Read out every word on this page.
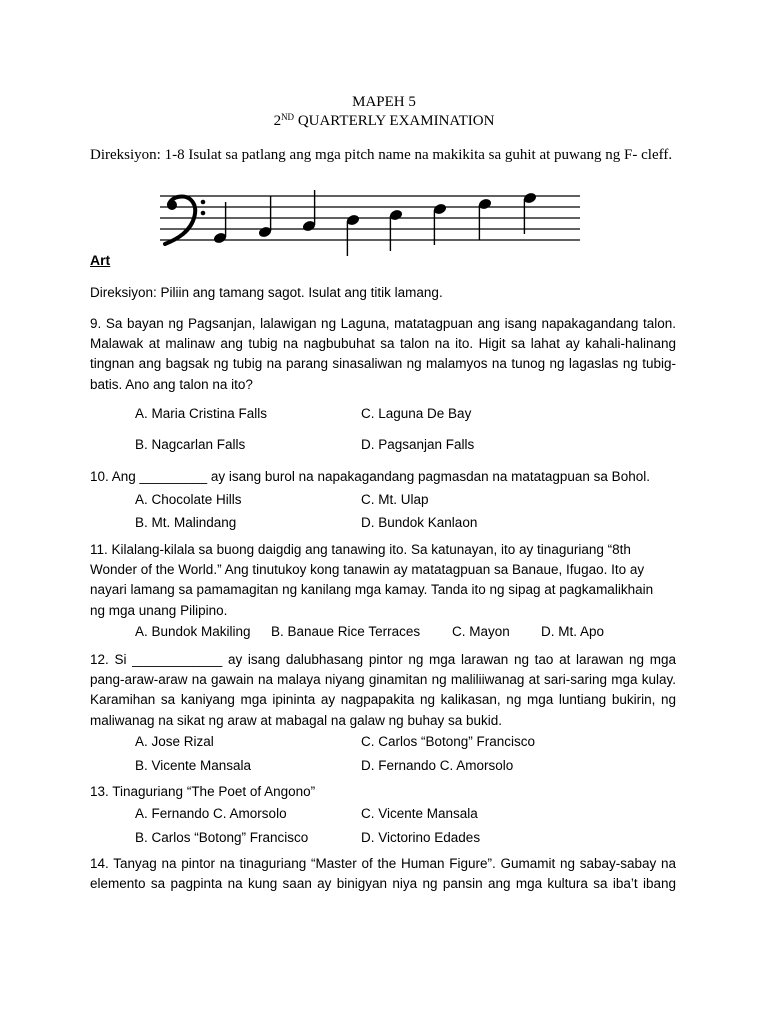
MAPEH 5
2ND QUARTERLY EXAMINATION
Direksiyon: 1-8 Isulat sa patlang ang mga pitch name na makikita sa guhit at puwang ng F- cleff.
Art
Direksiyon: Piliin ang tamang sagot. Isulat ang titik lamang.
9. Sa bayan ng Pagsanjan, lalawigan ng Laguna, matatagpuan ang isang napakagandang talon. Malawak at malinaw ang tubig na nagbubuhat sa talon na ito. Higit sa lahat ay kahali-halinang tingnan ang bagsak ng tubig na parang sinasaliwan ng malamyos na tunog ng lagaslas ng tubig-batis. Ano ang talon na ito?
A. Maria Cristina Falls	C. Laguna De Bay
B. Nagcarlan Falls	D. Pagsanjan Falls
10. Ang _________ ay isang burol na napakagandang pagmasdan na matatagpuan sa Bohol.
A. Chocolate Hills	C. Mt. Ulap
B. Mt. Malindang	D. Bundok Kanlaon
11. Kilalang-kilala sa buong daigdig ang tanawing ito. Sa katunayan, ito ay tinaguriang “8th Wonder of the World.” Ang tinutukoy kong tanawin ay matatagpuan sa Banaue, Ifugao. Ito ay nayari lamang sa pamamagitan ng kanilang mga kamay. Tanda ito ng sipag at pagkamalikhain ng mga unang Pilipino.
A. Bundok Makiling B. Banaue Rice Terraces C. Mayon D. Mt. Apo
12. Si ____________ ay isang dalubhasang pintor ng mga larawan ng tao at larawan ng mga pang-araw-araw na gawain na malaya niyang ginamitan ng maliliiwanag at sari-saring mga kulay. Karamihan sa kaniyang mga ipininta ay nagpapakita ng kalikasan, ng mga luntiang bukirin, ng maliwanag na sikat ng araw at mabagal na galaw ng buhay sa bukid.
A. Jose Rizal	C. Carlos “Botong” Francisco
B. Vicente Mansala	D. Fernando C. Amorsolo
13. Tinaguriang “The Poet of Angono”
A. Fernando C. Amorsolo	C. Vicente Mansala
B. Carlos “Botong” Francisco	D. Victorino Edades
14. Tanyag na pintor na tinaguriang “Master of the Human Figure”. Gumamit ng sabay-sabay na
elemento sa pagpinta na kung saan ay binigyan niya ng pansin ang mga kultura sa iba’t ibang
